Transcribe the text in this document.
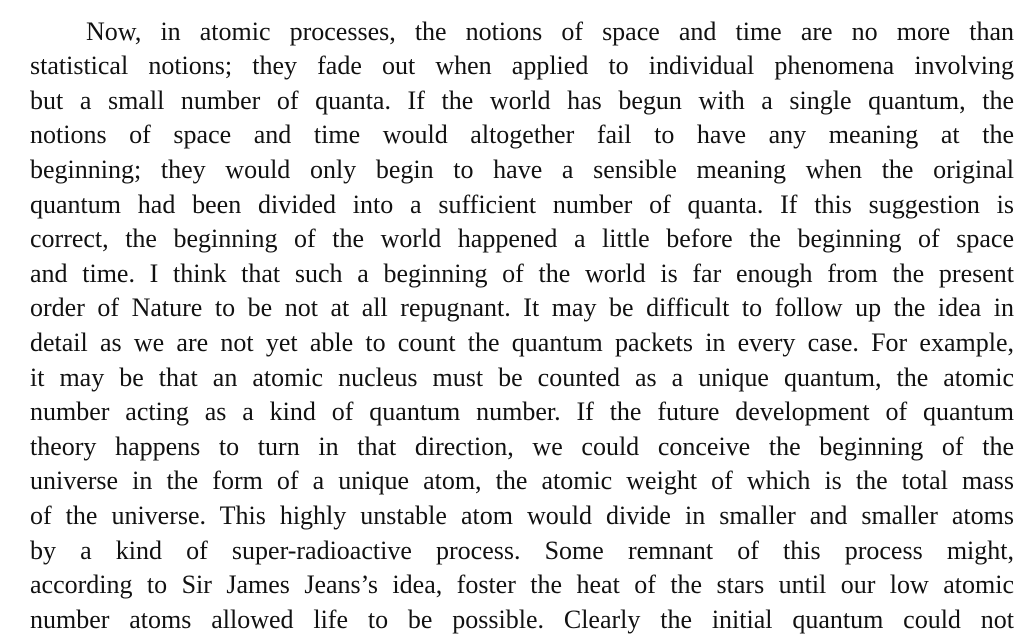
Now, in atomic processes, the notions of space and time are no more than
statistical notions; they fade out when applied to individual phenomena involving
but a small number of quanta. If the world has begun with a single quantum, the
notions of space and time would altogether fail to have any meaning at the
beginning; they would only begin to have a sensible meaning when the original
quantum had been divided into a sufficient number of quanta. If this suggestion is
correct, the beginning of the world happened a little before the beginning of space
and time. I think that such a beginning of the world is far enough from the present
order of Nature to be not at all repugnant. It may be difficult to follow up the idea in
detail as we are not yet able to count the quantum packets in every case. For example,
it may be that an atomic nucleus must be counted as a unique quantum, the atomic
number acting as a kind of quantum number. If the future development of quantum
theory happens to turn in that direction, we could conceive the beginning of the
universe in the form of a unique atom, the atomic weight of which is the total mass
of the universe. This highly unstable atom would divide in smaller and smaller atoms
by a kind of super-radioactive process. Some remnant of this process might,
according to Sir James Jeans’s idea, foster the heat of the stars until our low atomic
number atoms allowed life to be possible. Clearly the initial quantum could not
